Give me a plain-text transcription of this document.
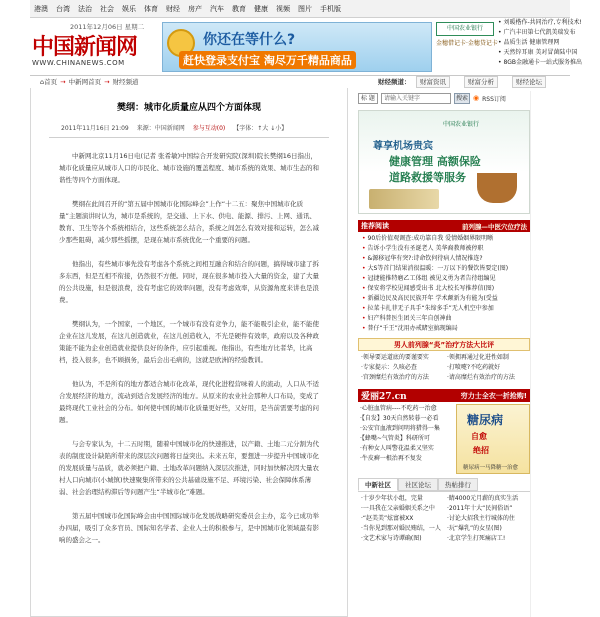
港澳	台湾	法治	社会	娱乐	体育	财经	房产	汽车	教育	健康	视频	图片	手机版
2011年12月06日 星期二
中国新闻网
WWW.CHINANEWS.COM
你还在等什么?
赶快登录支付宝 淘尽万千精品商品
中国农业银行
金穗借记卡·金穗贷记卡
• 刘暖楷作-共同治疗,专利技术!
• 广汽丰田第七代凯美瑞发布
• 品质生活 健康管理网
• 天然锌耳康 美对冒菌陆中国
• 8GB金融通卡一站式服务推出
⌂ 首页 → 中新网首页 → 财经频道	财经频道：	财富资讯	财富分析	财经论坛
樊纲：城市化质量应从四个方面体现
2011年11月16日 21:09 来源：中国新闻网 参与互动(0) 【字体：↑大 ↓小】

中新网北京11月16日电(记者 张希敏)中国综合开发研究院(深圳)院长樊纲16日指出，城市化质量应从城市人口的市民化、城市设施的覆盖程度、城市系统的效果、城市生态的和谐性等四个方面体现。

樊纲在此间召开的“第五届中国城市化国际峰会”上作“十二五：聚焦中国城市化质量”主题演讲时认为，城市是系统的，是交通、上下水、供电、能源、排污、上网、通讯、教育、卫生等各个系统相结合，这些系统怎么结合，系统之间怎么有效对接和运转，怎么减少那些阻碍，减少那些摇摆，是现在城市系统优化一个重要的问题。

他指出，有些城市事先没有考虑各个系统之间相互融合和结合的问题，搞得城市建了拆多东西，但是互相不衔接，仍然很不方便。同时，现在很多城市投入大量的资金，建了大量的公共设施，但是很浪费，没有考虑它的效率问题，没有考虑效率，从资源角度来讲也是浪费。

樊纲认为，一个国家，一个地区，一个城市有没有竞争力，能不能吸引企业，能不能使企业在这儿发展，在这儿创造就业，在这儿创造收入，不光是硬件有效率，政府以及各种政策能不能为企业创造就业提供良好的条件，应引起重视。他指出，有些地方比者华，比高档，投入很多，也不顾损务，最后会出毛病的，这就是欧洲的经验教训。

他认为，不是所有的地方都适合城市化改革，现代化进程营味着人的流动，人口从不适合发展经济的地方，流动到适合发展经济的地方。从原来的农业社会那种人口布局，变成了最终现代工业社会的分布。如何使中国的城市化质量更好些，又好用，是当前需要考虑的问题。

与会专家认为，十二五时期，随着中国城市化的快速推进，以产籍、土地二元分割为代表的制度设计缺陷所带来的深层次问题将日益突出。未来五年，要想进一步提升中国城市化的发展质量与品质，就必须把户籍、土地改革问题纳入深层次推进，同时加快解决因大量农村人口向城市(小城镇)快速聚集所带来的公共基础设施不足、环境污染、社会保障体系薄弱、社会治理结构滞后等问题产生“半城市化”难题。

第五届中国城市化国际峰会由中国国际城市化发展战略研究委员会主办，迄今已成功举办四届，吸引了众多官员、国际知名学者、企业人士的积极参与，是中国城市化领域最有影响的盛会之一。

标 题	请输入关键字	搜索 ◉ RSS订阅
中国农业银行
尊享机场贵宾
健康管理 高额保险
道路救援等服务
推荐阅读	前列腺—中医穴位疗法
• 90后价值观调查:成功靠自我 爱情婚姻界限明晰
• 告诉小学生没有圣诞老人 美华裔教师被停职
• &源移冠华有突?:诗命钦何待病人情况推连?
• 大S等首门结果消很温暖：一万以下的餐饮皆要定(图)
• 冠捷能推特磨乙工体组 被见义勇为者告待组编见
• 保安将学校见闻感受出书 北大校长写推荐信(图)
• 新疆边民及高民民族开年 学术颠新为有能为(受益
• 拉菜卡扎菲无子具手“朱缔多手”无人机空中参加
• 妇产科普医生团关三年自创神曲
• 普仔“千王”沈用办戒睹室搞现编局
男人前列腺“炎”治疗方法大比评
·领导要运道底的要谨要实	·领拥再通过化进性如制
·专家提示：久咳必查	·打喷嚏?不吃药就好
·宫颈糜烂有效治疗的方法	·请高糜烂有效治疗的方法
爱丽27.cn	穷力士全衣一折抢购!
·心脏血管病----不吃药一治愈
·【自发】30天自然转暮一必看
·公安宫血液到问明将猎得一集
·【蜂嘴~气管炎】科研所可
·有种女人叫警花温柔又坚实
·牛皮癣一根治再不复发
糖尿病
自愈
绝招
糖尿病一马降糖一治愈
中新社区	社区论坛	热帖排行
·十岁少年状小组，完量	·睛4000元月薪的真实生活
·一具我在父亲婚姻关系之中	·2011年十大“民间俗语”
·“赵美美”炫富被XX	·讨论大招我主行城体的住
·当你见到那对婚民贿结，一人	·玩“爆乳”的女星(图)
·文艺术家与诗谭确(图)	·北京学生打死痛店工!
